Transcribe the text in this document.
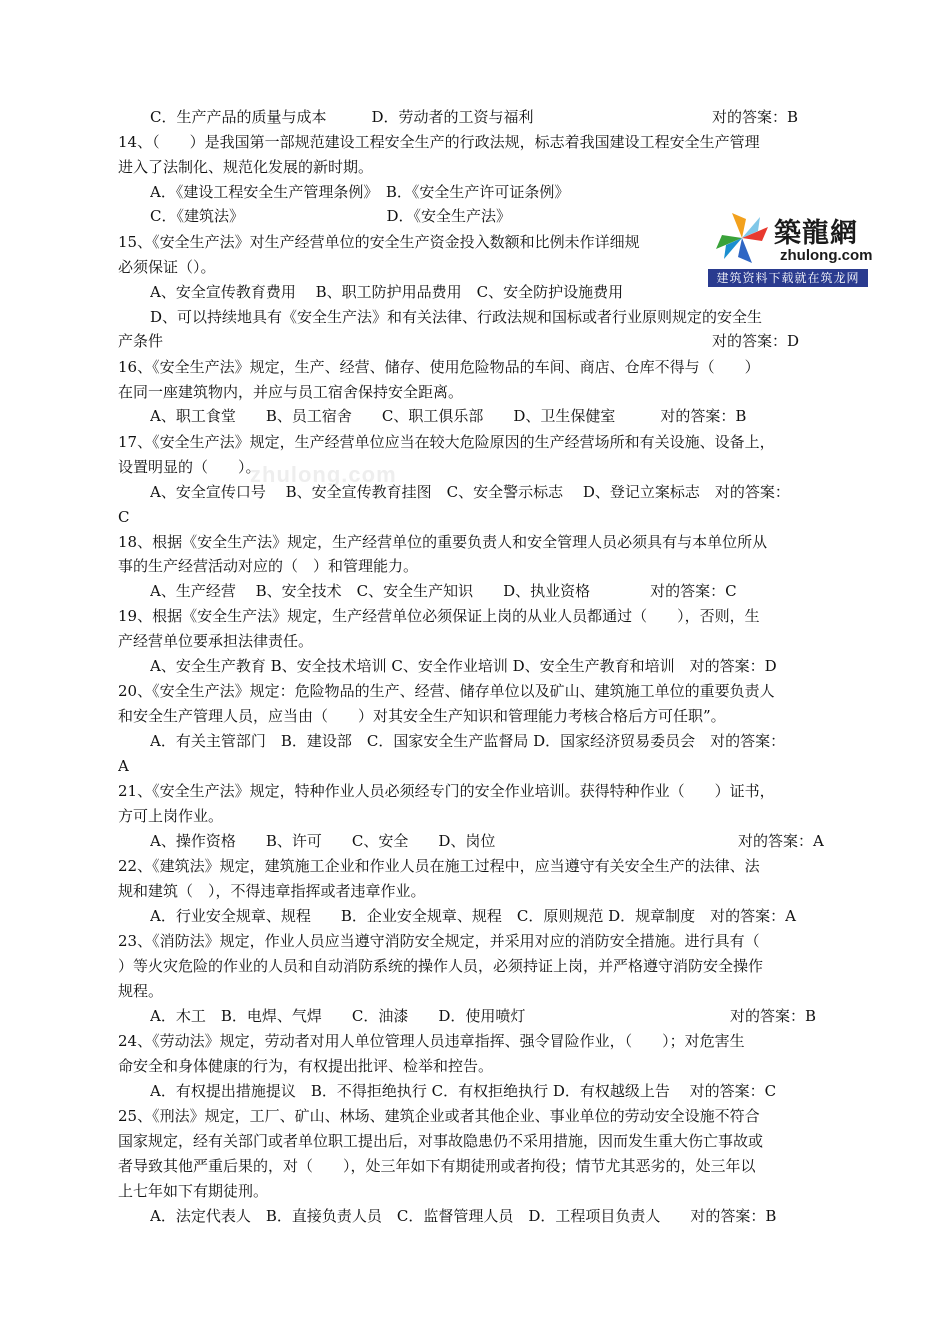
zhulong.com
C．生产产品的质量与成本　　　D．劳动者的工资与福利	对的答案：B
14、（　　）是我国第一部规范建设工程安全生产的行政法规，标志着我国建设工程安全生产管理
进入了法制化、规范化发展的新时期。
A．《建设工程安全生产管理条例》　B．《安全生产许可证条例》
C．《建筑法》　　　　　　　　　　D．《安全生产法》
15、《安全生产法》对生产经营单位的安全生产资金投入数额和比例未作详细规
必须保证（）。
A、安全宣传教育费用　 B、职工防护用品费用　C、安全防护设施费用
D、可以持续地具有《安全生产法》和有关法律、行政法规和国标或者行业原则规定的安全生
产条件	对的答案：D
16、《安全生产法》规定，生产、经营、储存、使用危险物品的车间、商店、仓库不得与（　　）
在同一座建筑物内，并应与员工宿舍保持安全距离。
A、职工食堂　　B、员工宿舍　　C、职工俱乐部　　D、卫生保健室　　　对的答案：B
17、《安全生产法》规定，生产经营单位应当在较大危险原因的生产经营场所和有关设施、设备上，
设置明显的（　　）。
A、安全宣传口号　 B、安全宣传教育挂图　C、安全警示标志　 D、登记立案标志　对的答案：
C
18、根据《安全生产法》规定，生产经营单位的重要负责人和安全管理人员必须具有与本单位所从
事的生产经营活动对应的（　）和管理能力。
A、生产经营　 B、安全技术　C、安全生产知识　　D、执业资格　　　　对的答案：C
19、根据《安全生产法》规定，生产经营单位必须保证上岗的从业人员都通过（　　），否则，生
产经营单位要承担法律责任。
A、安全生产教育 B、安全技术培训 C、安全作业培训 D、安全生产教育和培训　对的答案：D
20、《安全生产法》规定：危险物品的生产、经营、储存单位以及矿山、建筑施工单位的重要负责人
和安全生产管理人员，应当由（　　）对其安全生产知识和管理能力考核合格后方可任职”。
A．有关主管部门　B．建设部　C．国家安全生产监督局 D．国家经济贸易委员会　对的答案：
A
21、《安全生产法》规定，特种作业人员必须经专门的安全作业培训。获得特种作业（　　）证书，
方可上岗作业。
A、操作资格　　B、许可　　C、安全　　D、岗位	对的答案：A
22、《建筑法》规定，建筑施工企业和作业人员在施工过程中，应当遵守有关安全生产的法律、法
规和建筑（　），不得违章指挥或者违章作业。
A．行业安全规章、规程　　B．企业安全规章、规程　C．原则规范 D．规章制度　对的答案：A
23、《消防法》规定，作业人员应当遵守消防安全规定，并采用对应的消防安全措施。进行具有（
）等火灾危险的作业的人员和自动消防系统的操作人员，必须持证上岗，并严格遵守消防安全操作
规程。
A．木工　B．电焊、气焊　　C．油漆　　D．使用喷灯	对的答案：B
24、《劳动法》规定，劳动者对用人单位管理人员违章指挥、强令冒险作业，（　　）；对危害生
命安全和身体健康的行为，有权提出批评、检举和控告。
A．有权提出措施提议　B．不得拒绝执行 C．有权拒绝执行 D．有权越级上告　 对的答案：C
25、《刑法》规定，工厂、矿山、林场、建筑企业或者其他企业、事业单位的劳动安全设施不符合
国家规定，经有关部门或者单位职工提出后，对事故隐患仍不采用措施，因而发生重大伤亡事故或
者导致其他严重后果的，对（　　），处三年如下有期徒刑或者拘役；情节尤其恶劣的，处三年以
上七年如下有期徒刑。
A．法定代表人　B．直接负责人员　C．监督管理人员　D．工程项目负责人　　对的答案：B
築龍網
zhulong.com
建筑资料下载就在筑龙网
